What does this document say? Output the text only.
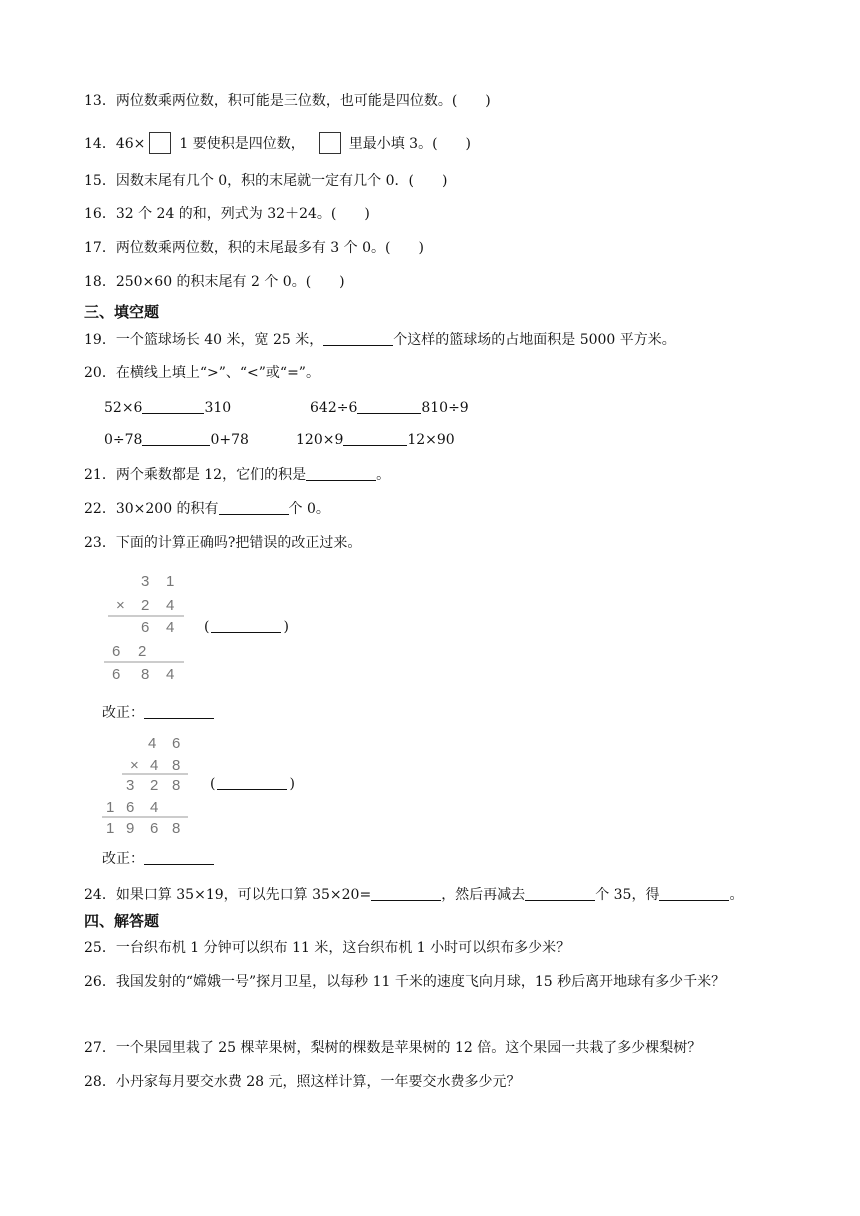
13．两位数乘两位数，积可能是三位数，也可能是四位数。(　　)
14．46× 1 要使积是四位数，	里最小填 3。(　　)
15．因数末尾有几个 0，积的末尾就一定有几个 0．(　　)
16．32 个 24 的和，列式为 32＋24。(　　)
17．两位数乘两位数，积的末尾最多有 3 个 0。(　　)
18．250×60 的积末尾有 2 个 0。(　　)
三、填空题
19．一个篮球场长 40 米，宽 25 米，	个这样的篮球场的占地面积是 5000 平方米。
20．在横线上填上“>”、“<”或“=”。
52×6	310	642÷6	810÷9
0÷78	0+78	120×9	12×90
21．两个乘数都是 12，它们的积是	。
22．30×200 的积有	个 0。
23．下面的计算正确吗?把错误的改正过来。
3 1
× 2 4
6 4
6 2
6 8 4
(	)
改正：
4 6
× 4 8
3 2 8
1 6 4
1 9 6 8
(	)
改正：
24．如果口算 35×19，可以先口算 35×20=	，然后再减去	个 35，得	。
四、解答题
25．一台织布机 1 分钟可以织布 11 米，这台织布机 1 小时可以织布多少米？
26．我国发射的“嫦娥一号”探月卫星，以每秒 11 千米的速度飞向月球，15 秒后离开地球有多少千米？
27．一个果园里栽了 25 棵苹果树，梨树的棵数是苹果树的 12 倍。这个果园一共栽了多少棵梨树？
28．小丹家每月要交水费 28 元，照这样计算，一年要交水费多少元？
